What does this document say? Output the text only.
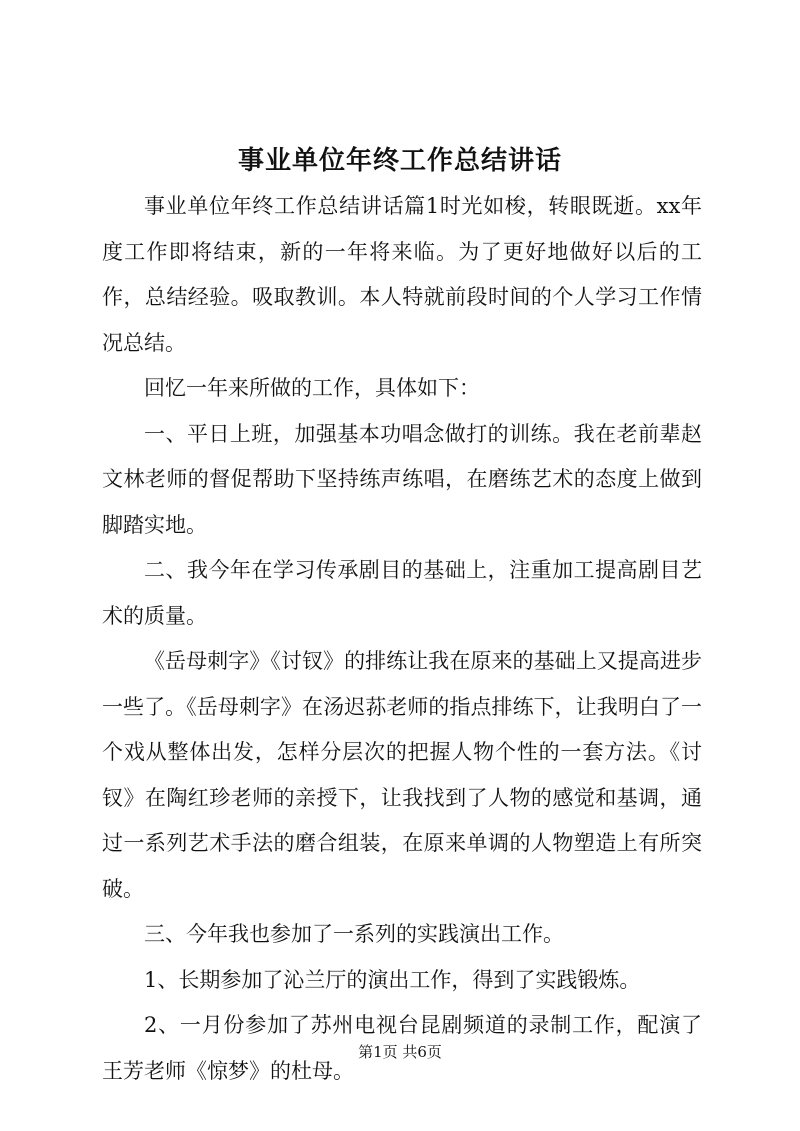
事业单位年终工作总结讲话

事业单位年终工作总结讲话篇1时光如梭，转眼既逝。xx年度工作即将结束，新的一年将来临。为了更好地做好以后的工作，总结经验。吸取教训。本人特就前段时间的个人学习工作情况总结。

回忆一年来所做的工作，具体如下：

一、平日上班，加强基本功唱念做打的训练。我在老前辈赵文林老师的督促帮助下坚持练声练唱，在磨练艺术的态度上做到脚踏实地。

二、我今年在学习传承剧目的基础上，注重加工提高剧目艺术的质量。

《岳母刺字》《讨钗》的排练让我在原来的基础上又提高进步一些了。《岳母刺字》在汤迟荪老师的指点排练下，让我明白了一个戏从整体出发，怎样分层次的把握人物个性的一套方法。《讨钗》在陶红珍老师的亲授下，让我找到了人物的感觉和基调，通过一系列艺术手法的磨合组装，在原来单调的人物塑造上有所突破。

三、今年我也参加了一系列的实践演出工作。

1、长期参加了沁兰厅的演出工作，得到了实践锻炼。

2、一月份参加了苏州电视台昆剧频道的录制工作，配演了王芳老师《惊梦》的杜母。

第1页 共6页
